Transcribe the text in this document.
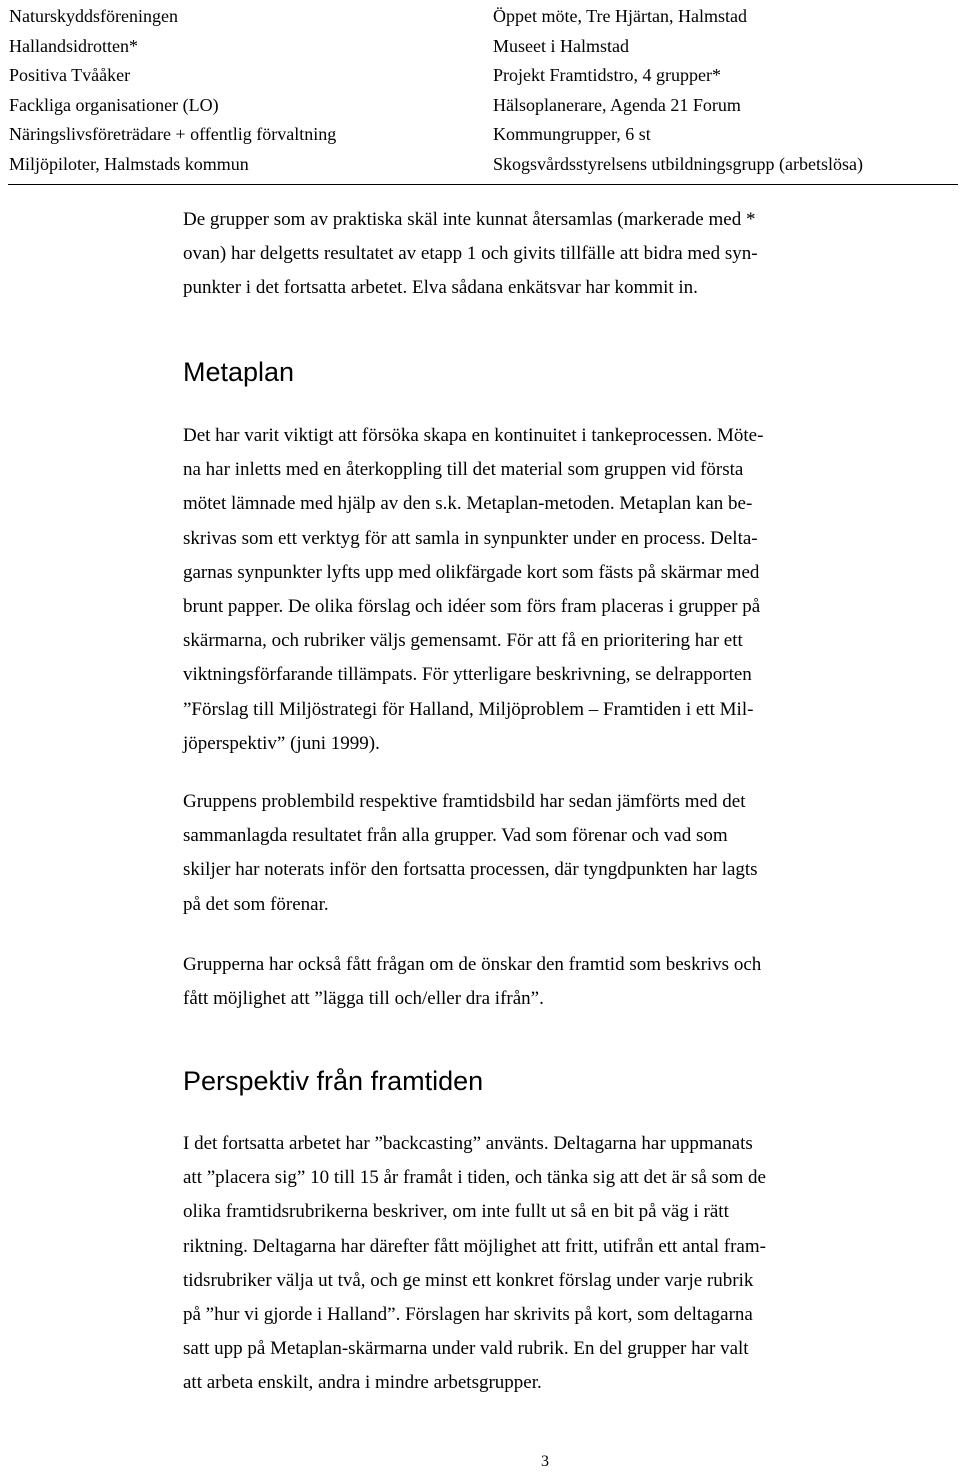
Naturskyddsföreningen
Hallandsidrotten*
Positiva Tvååker
Fackliga organisationer (LO)
Näringslivsföreträdare + offentlig förvaltning
Miljöpiloter, Halmstads kommun
Öppet möte, Tre Hjärtan, Halmstad
Museet i Halmstad
Projekt Framtidstro, 4 grupper*
Hälsoplanerare, Agenda 21 Forum
Kommungrupper, 6 st
Skogsvårdsstyrelsens utbildningsgrupp (arbetslösa)

De grupper som av praktiska skäl inte kunnat återsamlas (markerade med *
ovan) har delgetts resultatet av etapp 1 och givits tillfälle att bidra med syn-
punkter i det fortsatta arbetet. Elva sådana enkätsvar har kommit in.

Metaplan

Det har varit viktigt att försöka skapa en kontinuitet i tankeprocessen. Möte-
na har inletts med en återkoppling till det material som gruppen vid första
mötet lämnade med hjälp av den s.k. Metaplan-metoden. Metaplan kan be-
skrivas som ett verktyg för att samla in synpunkter under en process. Delta-
garnas synpunkter lyfts upp med olikfärgade kort som fästs på skärmar med
brunt papper. De olika förslag och idéer som förs fram placeras i grupper på
skärmarna, och rubriker väljs gemensamt. För att få en prioritering har ett
viktningsförfarande tillämpats. För ytterligare beskrivning, se delrapporten
”Förslag till Miljöstrategi för Halland, Miljöproblem – Framtiden i ett Mil-
jöperspektiv” (juni 1999).

Gruppens problembild respektive framtidsbild har sedan jämförts med det
sammanlagda resultatet från alla grupper. Vad som förenar och vad som
skiljer har noterats inför den fortsatta processen, där tyngdpunkten har lagts
på det som förenar.

Grupperna har också fått frågan om de önskar den framtid som beskrivs och
fått möjlighet att ”lägga till och/eller dra ifrån”.

Perspektiv från framtiden

I det fortsatta arbetet har ”backcasting” använts. Deltagarna har uppmanats
att ”placera sig” 10 till 15 år framåt i tiden, och tänka sig att det är så som de
olika framtidsrubrikerna beskriver, om inte fullt ut så en bit på väg i rätt
riktning. Deltagarna har därefter fått möjlighet att fritt, utifrån ett antal fram-
tidsrubriker välja ut två, och ge minst ett konkret förslag under varje rubrik
på ”hur vi gjorde i Halland”. Förslagen har skrivits på kort, som deltagarna
satt upp på Metaplan-skärmarna under vald rubrik. En del grupper har valt
att arbeta enskilt, andra i mindre arbetsgrupper.

3
